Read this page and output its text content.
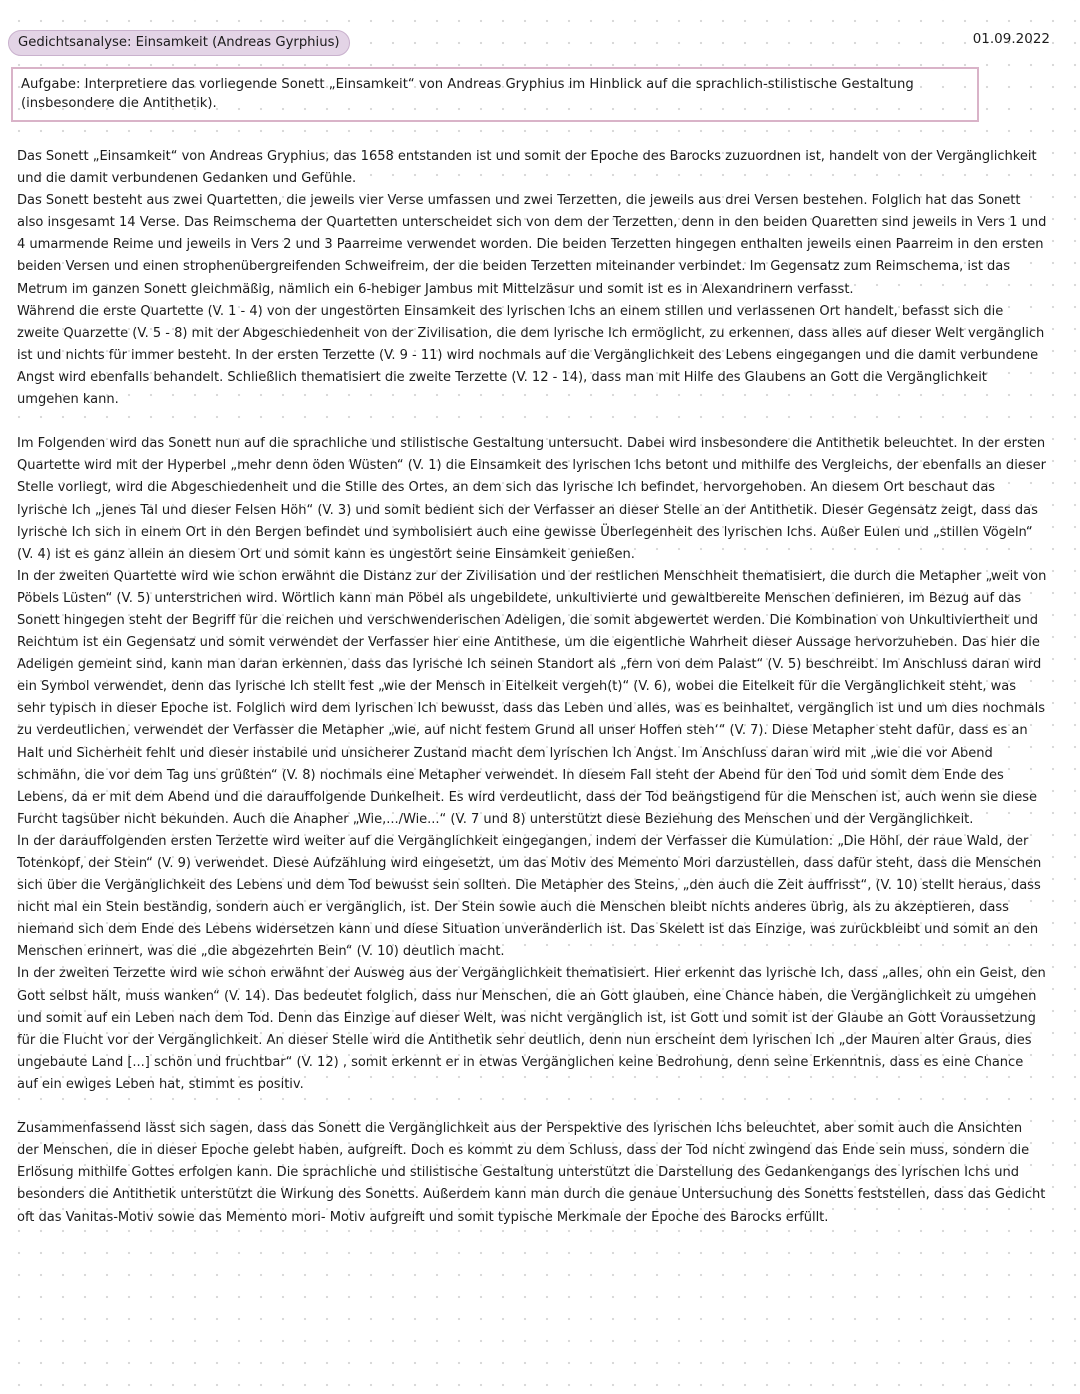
Gedichtsanalyse: Einsamkeit (Andreas Gyrphius)	01.09.2022
Aufgabe: Interpretiere das vorliegende Sonett „Einsamkeit“ von Andreas Gryphius im Hinblick auf die sprachlich-stilistische Gestaltung (insbesondere die Antithetik).

Das Sonett „Einsamkeit“ von Andreas Gryphius, das 1658 entstanden ist und somit der Epoche des Barocks zuzuordnen ist, handelt von der Vergänglichkeit und die damit verbundenen Gedanken und Gefühle.

Das Sonett besteht aus zwei Quartetten, die jeweils vier Verse umfassen und zwei Terzetten, die jeweils aus drei Versen bestehen. Folglich hat das Sonett also insgesamt 14 Verse. Das Reimschema der Quartetten unterscheidet sich von dem der Terzetten, denn in den beiden Quaretten sind jeweils in Vers 1 und 4 umarmende Reime und jeweils in Vers 2 und 3 Paarreime verwendet worden. Die beiden Terzetten hingegen enthalten jeweils einen Paarreim in den ersten beiden Versen und einen strophenübergreifenden Schweifreim, der die beiden Terzetten miteinander verbindet. Im Gegensatz zum Reimschema, ist das Metrum im ganzen Sonett gleichmäßig, nämlich ein 6-hebiger Jambus mit Mittelzäsur und somit ist es in Alexandrinern verfasst.

Während die erste Quartette (V. 1 - 4) von der ungestörten Einsamkeit des lyrischen Ichs an einem stillen und verlassenen Ort handelt, befasst sich die zweite Quarzette (V. 5 - 8) mit der Abgeschiedenheit von der Zivilisation, die dem lyrische Ich ermöglicht, zu erkennen, dass alles auf dieser Welt vergänglich ist und nichts für immer besteht. In der ersten Terzette (V. 9 - 11) wird nochmals auf die Vergänglichkeit des Lebens eingegangen und die damit verbundene Angst wird ebenfalls behandelt. Schließlich thematisiert die zweite Terzette (V. 12 - 14), dass man mit Hilfe des Glaubens an Gott die Vergänglichkeit umgehen kann.

Im Folgenden wird das Sonett nun auf die sprachliche und stilistische Gestaltung untersucht. Dabei wird insbesondere die Antithetik beleuchtet. In der ersten Quartette wird mit der Hyperbel „mehr denn öden Wüsten“ (V. 1) die Einsamkeit des lyrischen Ichs betont und mithilfe des Vergleichs, der ebenfalls an dieser Stelle vorliegt, wird die Abgeschiedenheit und die Stille des Ortes, an dem sich das lyrische Ich befindet, hervorgehoben. An diesem Ort beschaut das lyrische Ich „jenes Tal und dieser Felsen Höh“ (V. 3) und somit bedient sich der Verfasser an dieser Stelle an der Antithetik. Dieser Gegensatz zeigt, dass das lyrische Ich sich in einem Ort in den Bergen befindet und symbolisiert auch eine gewisse Überlegenheit des lyrischen Ichs. Außer Eulen und „stillen Vögeln“ (V. 4) ist es ganz allein an diesem Ort und somit kann es ungestört seine Einsamkeit genießen.

In der zweiten Quartette wird wie schon erwähnt die Distanz zur der Zivilisation und der restlichen Menschheit thematisiert, die durch die Metapher „weit von Pöbels Lüsten“ (V. 5) unterstrichen wird. Wörtlich kann man Pöbel als ungebildete, unkultivierte und gewaltbereite Menschen definieren, im Bezug auf das Sonett hingegen steht der Begriff für die reichen und verschwenderischen Adeligen, die somit abgewertet werden. Die Kombination von Unkultiviertheit und Reichtum ist ein Gegensatz und somit verwendet der Verfasser hier eine Antithese, um die eigentliche Wahrheit dieser Aussage hervorzuheben. Das hier die Adeligen gemeint sind, kann man daran erkennen, dass das lyrische Ich seinen Standort als „fern von dem Palast“ (V. 5) beschreibt. Im Anschluss daran wird ein Symbol verwendet, denn das lyrische Ich stellt fest „wie der Mensch in Eitelkeit vergeh(t)“ (V. 6), wobei die Eitelkeit für die Vergänglichkeit steht, was sehr typisch in dieser Epoche ist. Folglich wird dem lyrischen Ich bewusst, dass das Leben und alles, was es beinhaltet, vergänglich ist und um dies nochmals zu verdeutlichen, verwendet der Verfasser die Metapher „wie, auf nicht festem Grund all unser Hoffen steh‘“ (V. 7). Diese Metapher steht dafür, dass es an Halt und Sicherheit fehlt und dieser instabile und unsicherer Zustand macht dem lyrischen Ich Angst. Im Anschluss daran wird mit „wie die vor Abend schmähn, die vor dem Tag uns grüßten“ (V. 8) nochmals eine Metapher verwendet. In diesem Fall steht der Abend für den Tod und somit dem Ende des Lebens, da er mit dem Abend und die darauffolgende Dunkelheit. Es wird verdeutlicht, dass der Tod beängstigend für die Menschen ist, auch wenn sie diese Furcht tagsüber nicht bekunden. Auch die Anapher „Wie,.../Wie...“ (V. 7 und 8) unterstützt diese Beziehung des Menschen und der Vergänglichkeit.

In der darauffolgenden ersten Terzette wird weiter auf die Vergänglichkeit eingegangen, indem der Verfasser die Kumulation: „Die Höhl, der raue Wald, der Totenkopf, der Stein“ (V. 9) verwendet. Diese Aufzählung wird eingesetzt, um das Motiv des Memento Mori darzustellen, dass dafür steht, dass die Menschen sich über die Vergänglichkeit des Lebens und dem Tod bewusst sein sollten. Die Metapher des Steins, „den auch die Zeit auffrisst“, (V. 10) stellt heraus, dass nicht mal ein Stein beständig, sondern auch er vergänglich, ist. Der Stein sowie auch die Menschen bleibt nichts anderes übrig, als zu akzeptieren, dass niemand sich dem Ende des Lebens widersetzen kann und diese Situation unveränderlich ist. Das Skelett ist das Einzige, was zurückbleibt und somit an den Menschen erinnert, was die „die abgezehrten Bein“ (V. 10) deutlich macht.

In der zweiten Terzette wird wie schon erwähnt der Ausweg aus der Vergänglichkeit thematisiert. Hier erkennt das lyrische Ich, dass „alles, ohn ein Geist, den Gott selbst hält, muss wanken“ (V. 14). Das bedeutet folglich, dass nur Menschen, die an Gott glauben, eine Chance haben, die Vergänglichkeit zu umgehen und somit auf ein Leben nach dem Tod. Denn das Einzige auf dieser Welt, was nicht vergänglich ist, ist Gott und somit ist der Glaube an Gott Voraussetzung für die Flucht vor der Vergänglichkeit. An dieser Stelle wird die Antithetik sehr deutlich, denn nun erscheint dem lyrischen Ich „der Mauren alter Graus, dies ungebaute Land [...] schön und fruchtbar“ (V. 12) , somit erkennt er in etwas Vergänglichen keine Bedrohung, denn seine Erkenntnis, dass es eine Chance auf ein ewiges Leben hat, stimmt es positiv.

Zusammenfassend lässt sich sagen, dass das Sonett die Vergänglichkeit aus der Perspektive des lyrischen Ichs beleuchtet, aber somit auch die Ansichten der Menschen, die in dieser Epoche gelebt haben, aufgreift. Doch es kommt zu dem Schluss, dass der Tod nicht zwingend das Ende sein muss, sondern die Erlösung mithilfe Gottes erfolgen kann. Die sprachliche und stilistische Gestaltung unterstützt die Darstellung des Gedankengangs des lyrischen Ichs und besonders die Antithetik unterstützt die Wirkung des Sonetts. Außerdem kann man durch die genaue Untersuchung des Sonetts feststellen, dass das Gedicht oft das Vanitas-Motiv sowie das Memento mori- Motiv aufgreift und somit typische Merkmale der Epoche des Barocks erfüllt.
